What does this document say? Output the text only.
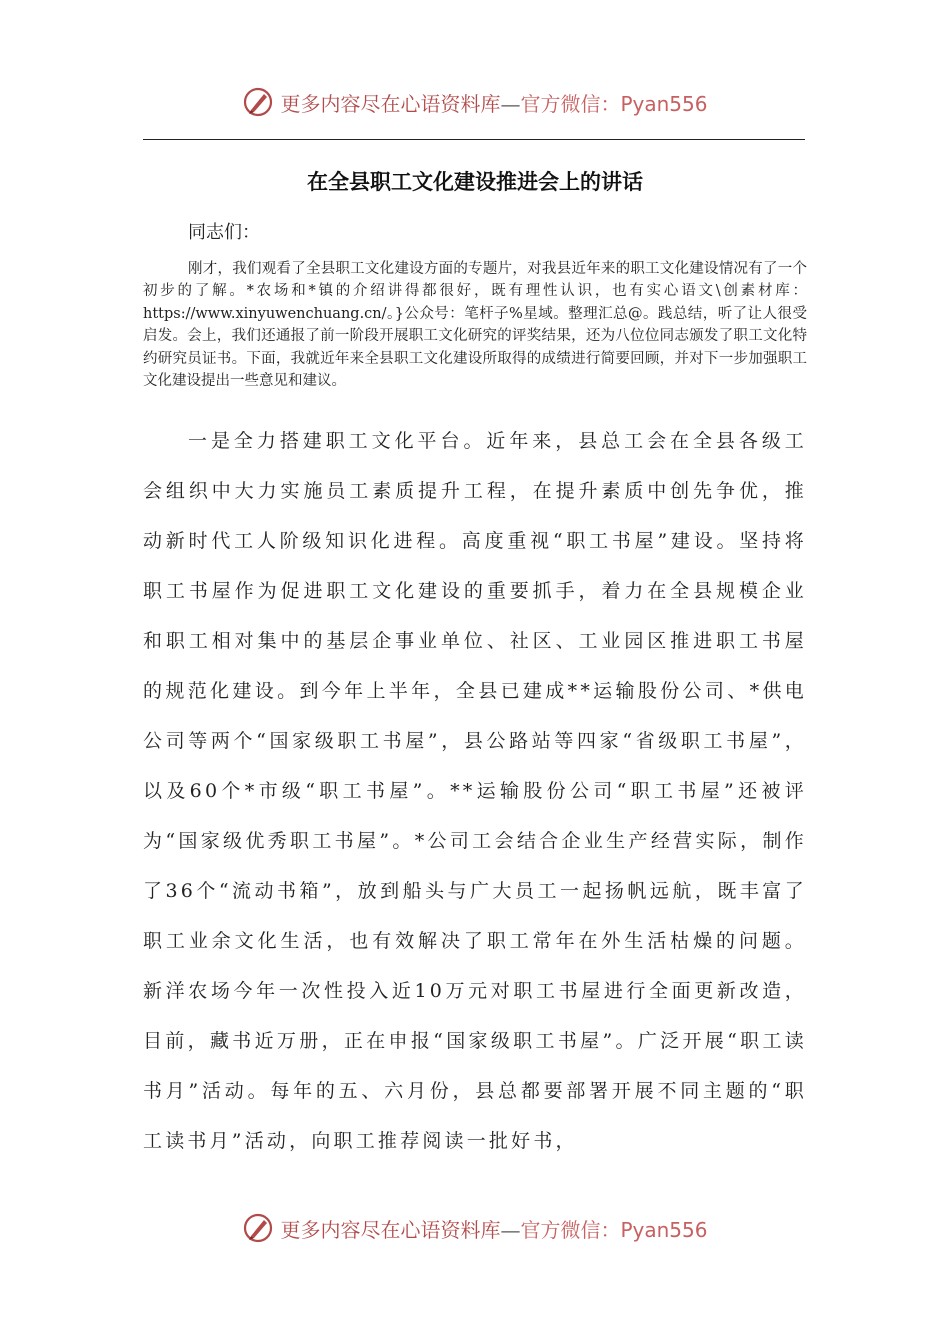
更多内容尽在心语资料库—官方微信：Pyan556
在全县职工文化建设推进会上的讲话
同志们：

刚才，我们观看了全县职工文化建设方面的专题片，对我县近年来的职工文化建设情况有了一个初步的了解。*农场和*镇的介绍讲得都很好，既有理性认识，也有实心语文\创素材库：https://www.xinyuwenchuang.cn/。}公众号：笔杆子%星域。整理汇总@。践总结，听了让人很受启发。会上，我们还通报了前一阶段开展职工文化研究的评奖结果，还为八位位同志颁发了职工文化特约研究员证书。下面，我就近年来全县职工文化建设所取得的成绩进行简要回顾，并对下一步加强职工文化建设提出一些意见和建议。

一是全力搭建职工文化平台。近年来，县总工会在全县各级工会组织中大力实施员工素质提升工程，在提升素质中创先争优，推动新时代工人阶级知识化进程。高度重视“职工书屋”建设。坚持将职工书屋作为促进职工文化建设的重要抓手，着力在全县规模企业和职工相对集中的基层企事业单位、社区、工业园区推进职工书屋的规范化建设。到今年上半年，全县已建成**运输股份公司、*供电公司等两个“国家级职工书屋”，县公路站等四家“省级职工书屋”，以及60个*市级“职工书屋”。**运输股份公司“职工书屋”还被评为“国家级优秀职工书屋”。*公司工会结合企业生产经营实际，制作了36个“流动书箱”，放到船头与广大员工一起扬帆远航，既丰富了职工业余文化生活，也有效解决了职工常年在外生活枯燥的问题。新洋农场今年一次性投入近10万元对职工书屋进行全面更新改造，目前，藏书近万册，正在申报“国家级职工书屋”。广泛开展“职工读书月”活动。每年的五、六月份，县总都要部署开展不同主题的“职工读书月”活动，向职工推荐阅读一批好书，

更多内容尽在心语资料库—官方微信：Pyan556
